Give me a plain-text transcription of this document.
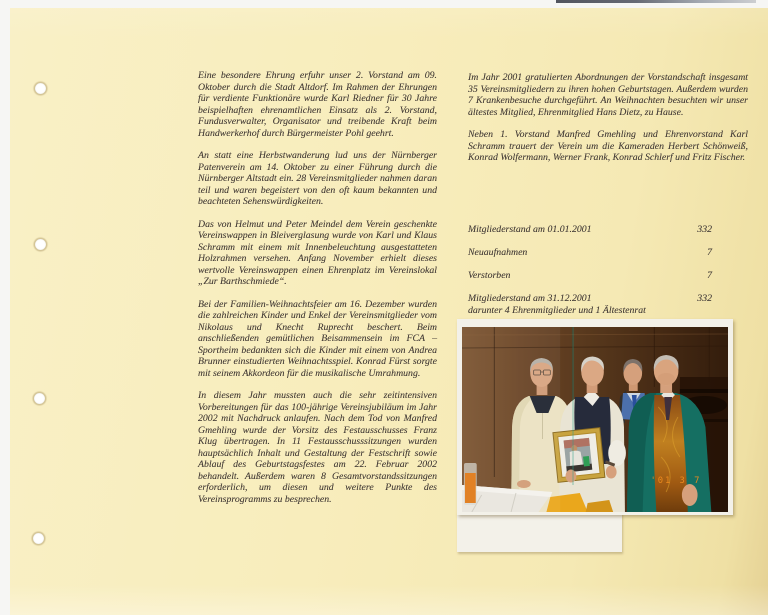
Eine besondere Ehrung erfuhr unser 2. Vorstand am 09. Oktober durch die Stadt Altdorf. Im Rahmen der Ehrungen für verdiente Funktionäre wurde Karl Riedner für 30 Jahre beispielhaften ehrenamtlichen Einsatz als 2. Vorstand, Fundusverwalter, Organisator und treibende Kraft beim Handwerkerhof durch Bürgermeister Pohl geehrt.

An statt eine Herbstwanderung lud uns der Nürnberger Patenverein am 14. Oktober zu einer Führung durch die Nürnberger Altstadt ein. 28 Vereinsmitglieder nahmen daran teil und waren begeistert von den oft kaum bekannten und beachteten Sehenswürdigkeiten.

Das von Helmut und Peter Meindel dem Verein geschenkte Vereinswappen in Bleiverglasung wurde von Karl und Klaus Schramm mit einem mit Innenbeleuchtung ausgestatteten Holzrahmen versehen. Anfang November erhielt dieses wertvolle Vereinswappen einen Ehrenplatz im Vereinslokal „Zur Barthschmiede“.

Bei der Familien-Weihnachtsfeier am 16. Dezember wurden die zahlreichen Kinder und Enkel der Vereinsmitglieder vom Nikolaus und Knecht Ruprecht beschert. Beim anschließenden gemütlichen Beisammensein im FCA – Sportheim bedankten sich die Kinder mit einem von Andrea Brunner einstudierten Weihnachtsspiel. Konrad Fürst sorgte mit seinem Akkordeon für die musikalische Umrahmung.

In diesem Jahr mussten auch die sehr zeitintensiven Vorbereitungen für das 100-jährige Vereinsjubiläum im Jahr 2002 mit Nachdruck anlaufen. Nach dem Tod von Manfred Gmehling wurde der Vorsitz des Festausschusses Franz Klug übertragen. In 11 Festausschusssitzungen wurden hauptsächlich Inhalt und Gestaltung der Festschrift sowie Ablauf des Geburtstagsfestes am 22. Februar 2002 behandelt. Außerdem waren 8 Gesamtvorstandssitzungen erforderlich, um diesen und weitere Punkte des Vereinsprogramms zu besprechen.

Im Jahr 2001 gratulierten Abordnungen der Vorstandschaft insgesamt 35 Vereinsmitgliedern zu ihren hohen Geburtstagen. Außerdem wurden 7 Krankenbesuche durchgeführt. An Weihnachten besuchten wir unser ältestes Mitglied, Ehrenmitglied Hans Dietz, zu Hause.

Neben 1. Vorstand Manfred Gmehling und Ehrenvorstand Karl Schramm trauert der Verein um die Kameraden Herbert Schönweiß, Konrad Wolfermann, Werner Frank, Konrad Schlerf und Fritz Fischer.

Mitgliederstand am 01.01.2001	332
Neuaufnahmen	7
Verstorben	7
Mitgliederstand am 31.12.2001	332
darunter 4 Ehrenmitglieder und 1 Ältestenrat
'01 3 7
